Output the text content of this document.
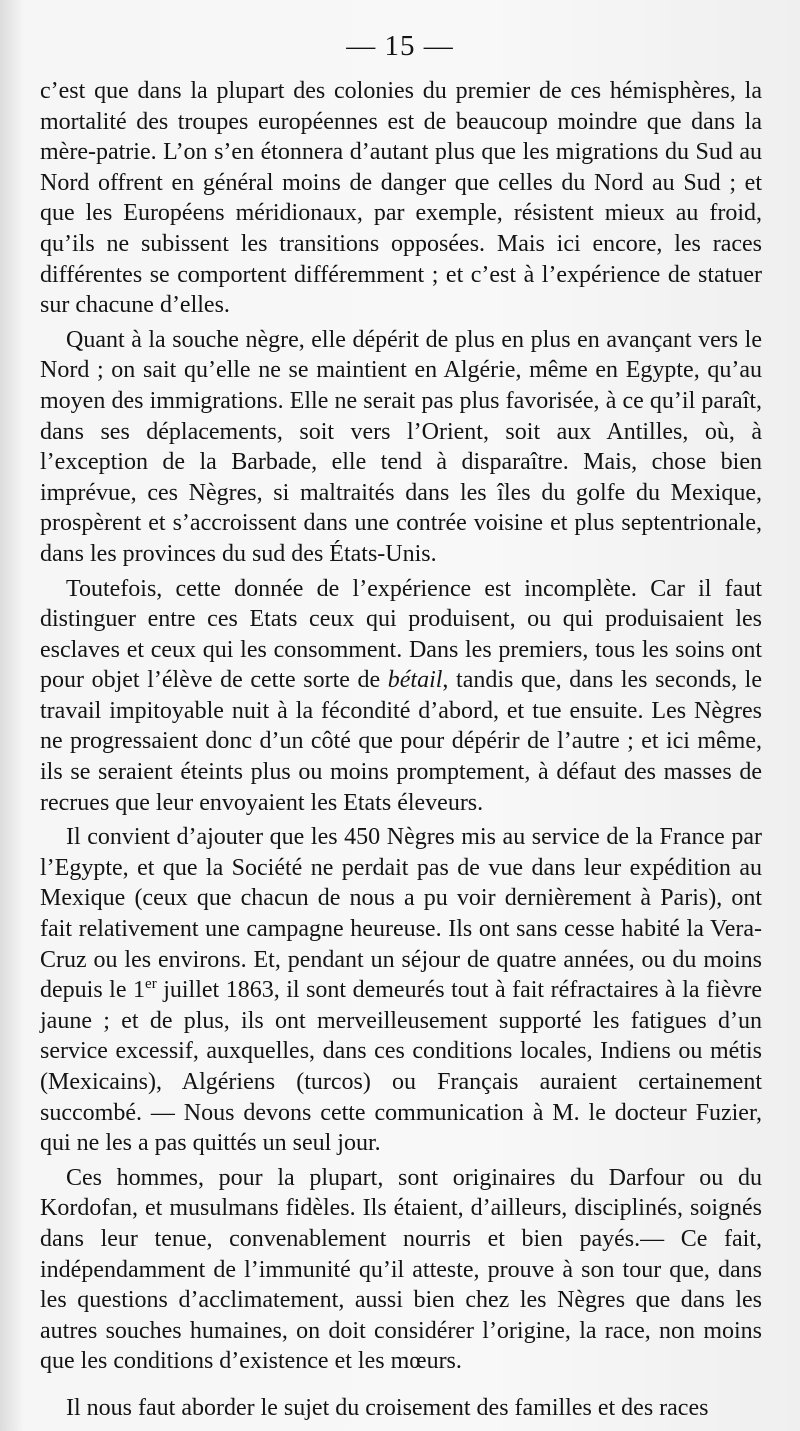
— 15 —

c’est que dans la plupart des colonies du premier de ces hémisphères, la mortalité des troupes européennes est de beaucoup moindre que dans la mère-patrie. L’on s’en étonnera d’autant plus que les migrations du Sud au Nord offrent en général moins de danger que celles du Nord au Sud ; et que les Européens méridionaux, par exemple, résistent mieux au froid, qu’ils ne subissent les transitions opposées. Mais ici encore, les races différentes se comportent différemment ; et c’est à l’expérience de statuer sur chacune d’elles.

Quant à la souche nègre, elle dépérit de plus en plus en avançant vers le Nord ; on sait qu’elle ne se maintient en Algérie, même en Egypte, qu’au moyen des immigrations. Elle ne serait pas plus favorisée, à ce qu’il paraît, dans ses déplacements, soit vers l’Orient, soit aux Antilles, où, à l’exception de la Barbade, elle tend à disparaître. Mais, chose bien imprévue, ces Nègres, si maltraités dans les îles du golfe du Mexique, prospèrent et s’accroissent dans une contrée voisine et plus septentrionale, dans les provinces du sud des États-Unis.

Toutefois, cette donnée de l’expérience est incomplète. Car il faut distinguer entre ces Etats ceux qui produisent, ou qui produisaient les esclaves et ceux qui les consomment. Dans les premiers, tous les soins ont pour objet l’élève de cette sorte de bétail, tandis que, dans les seconds, le travail impitoyable nuit à la fécondité d’abord, et tue ensuite. Les Nègres ne progressaient donc d’un côté que pour dépérir de l’autre ; et ici même, ils se seraient éteints plus ou moins promptement, à défaut des masses de recrues que leur envoyaient les Etats éleveurs.

Il convient d’ajouter que les 450 Nègres mis au service de la France par l’Egypte, et que la Société ne perdait pas de vue dans leur expédition au Mexique (ceux que chacun de nous a pu voir dernièrement à Paris), ont fait relativement une campagne heureuse. Ils ont sans cesse habité la Vera-Cruz ou les environs. Et, pendant un séjour de quatre années, ou du moins depuis le 1er juillet 1863, il sont demeurés tout à fait réfractaires à la fièvre jaune ; et de plus, ils ont merveilleusement supporté les fatigues d’un service excessif, auxquelles, dans ces conditions locales, Indiens ou métis (Mexicains), Algériens (turcos) ou Français auraient certainement succombé. — Nous devons cette communication à M. le docteur Fuzier, qui ne les a pas quittés un seul jour.

Ces hommes, pour la plupart, sont originaires du Darfour ou du Kordofan, et musulmans fidèles. Ils étaient, d’ailleurs, disciplinés, soignés dans leur tenue, convenablement nourris et bien payés.— Ce fait, indépendamment de l’immunité qu’il atteste, prouve à son tour que, dans les questions d’acclimatement, aussi bien chez les Nègres que dans les autres souches humaines, on doit considérer l’origine, la race, non moins que les conditions d’existence et les mœurs.

Il nous faut aborder le sujet du croisement des familles et des races
